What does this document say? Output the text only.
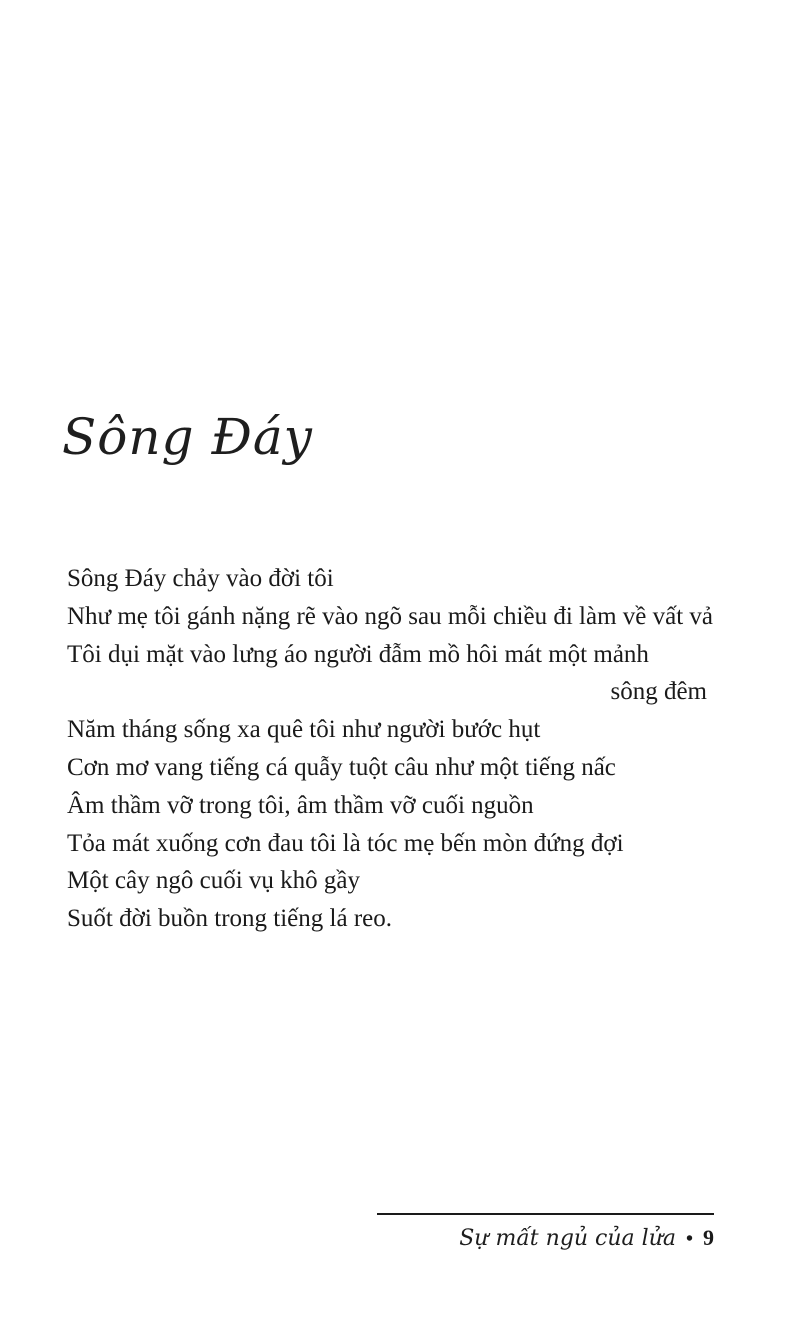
Sông Đáy
Sông Đáy chảy vào đời tôi
Như mẹ tôi gánh nặng rẽ vào ngõ sau mỗi chiều đi làm về vất vả
Tôi dụi mặt vào lưng áo người đẫm mồ hôi mát một mảnh
sông đêm
Năm tháng sống xa quê tôi như người bước hụt
Cơn mơ vang tiếng cá quẫy tuột câu như một tiếng nấc
Âm thầm vỡ trong tôi, âm thầm vỡ cuối nguồn
Tỏa mát xuống cơn đau tôi là tóc mẹ bến mòn đứng đợi
Một cây ngô cuối vụ khô gầy
Suốt đời buồn trong tiếng lá reo.
Sự mất ngủ của lửa • 9
